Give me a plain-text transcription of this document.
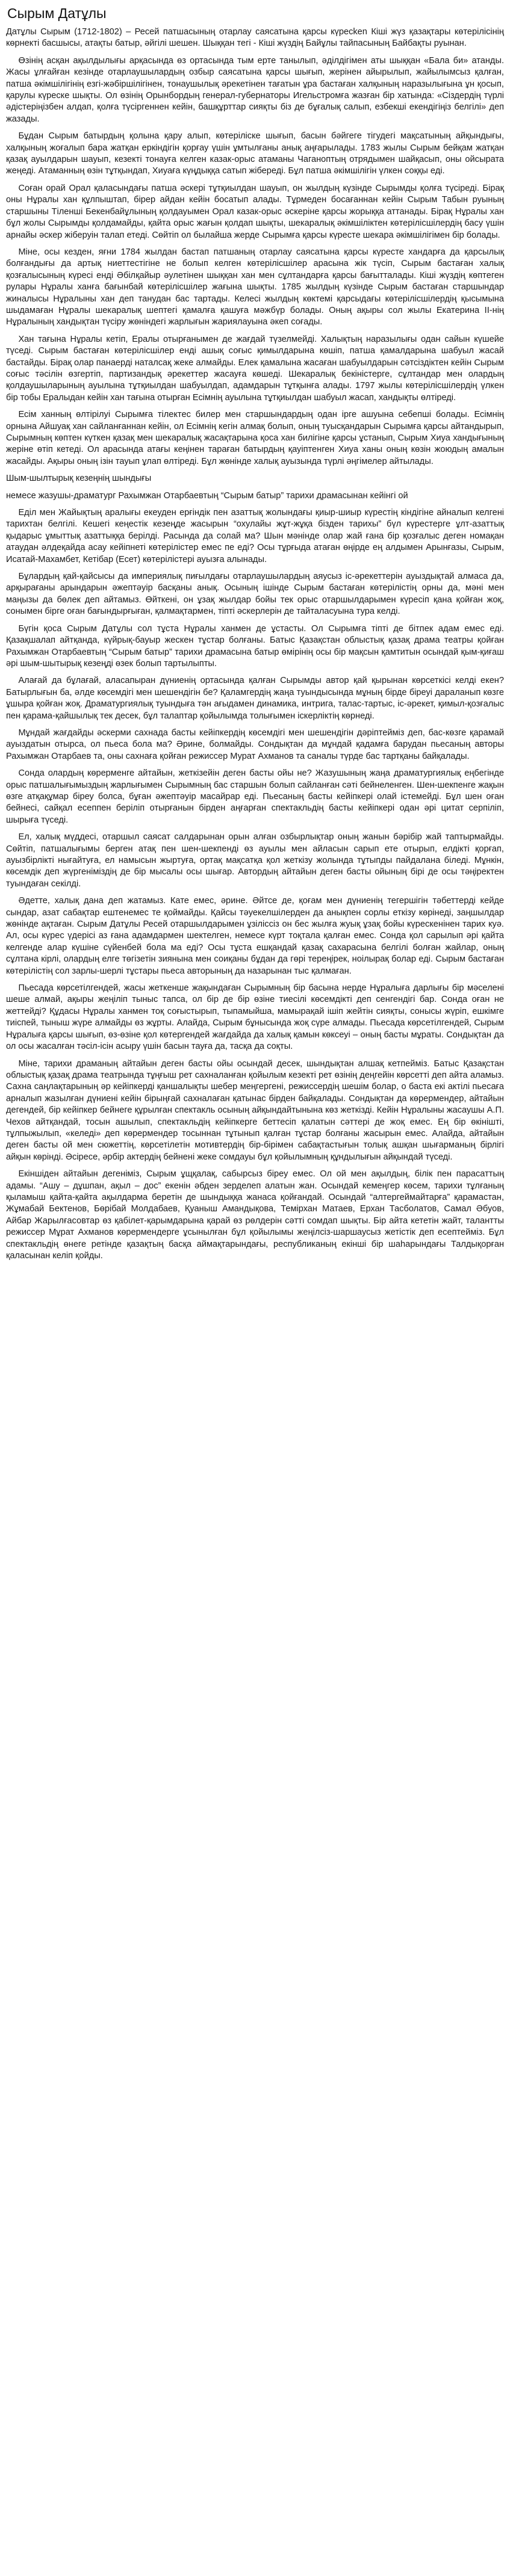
Сырым Датұлы

Датұлы Сырым (1712-1802) – Ресей патшасының отарлау саясатына қарсы күресken Кіші жүз қазақтары көтерілісінің көрнекті басшысы, атақты батыр, әйгілі шешен. Шыққан тегі - Кіші жүздің Байұлы тайпасының Байбақты руынан.

Өзінің асқан ақылдылығы арқасында өз ортасында тым ерте танылып, әділдігімен аты шыққан «Бала би» атанды. Жасы ұлғайған кезінде отарлаушылардың озбыр саясатына қарсы шығып, жерінен айырылып, жайылымсыз қалған, патша әкімшілігінің езгі-жәбіршілігінен, тонаушылық әрекетінен тағатын ұра бастаған халқының наразылығына ұн қосып, қарулы күреске шықты. Ол өзінің Орынбордың генерал-губернаторы Игельстромға жазған бір хатында: «Сіздердің түрлі әдістеріңізбен алдап, қолға түсіргеннен кейін, башқұрттар сияқты біз де бұғалық салып, езбекші екендігіңіз белгілі» деп жазады.

Бұдан Сырым батырдың қолына қару алып, көтеріліске шығып, басын бәйгеге тігудегі мақсатының айқындығы, халқының жоғалып бара жатқан еркіндігін қорғау үшін ұмтылғаны анық аңғарылады. 1783 жылы Сырым бейқам жатқан қазақ ауылдарын шауып, кезекті тонауға келген казак-орыс атаманы Чаганоптың отрядымен шайқасып, оны ойсырата жеңеді. Атаманның өзін тұтқындап, Хиуаға күңдыққа сатып жібереді. Бұл патша әкімшілігін үлкен соққы еді.

Соған орай Орал қаласындағы патша әскері тұтқиылдан шауып, он жылдың күзінде Сырымды қолға түсіреді. Бірақ оны Нұралы хан құлпыштап, бірер айдан кейін босатып алады. Тұрмеден босағаннан кейін Сырым Табын руының старшыны Тіленші Бекенбайұлының қолдауымен Орал казак-орыс әскеріне қарсы жорыққа аттанады. Бірақ Нұралы хан бұл жолы Сырымды қолдамайды, қайта орыс жағын қолдап шықты, шекаралық әкімшіліктен көтерілісшілердің басу үшін арнайы әскер жіберуін талап етеді. Сөйтіп ол былайша жерде Сырымға қарсы күресте шекара әкімшілігімен бір болады.

Міне, осы кезден, яғни 1784 жылдан бастап патшаның отарлау саясатына қарсы күресте хандарға да қарсылық болғандығы да артық ниеттестігіне не болып келген көтерілісшілер арасына жік түсіп, Сырым бастаған халық қозғалысының күресі енді Әбілқайыр әулетінен шыққан хан мен сұлтандарға қарсы бағытталады. Кіші жүздің көптеген рулары Нұралы ханға бағынбай көтерілісшілер жағына шықты. 1785 жылдың күзінде Сырым бастаған старшындар жиналысы Нұралыны хан деп танудан бас тартады. Келесі жылдың көктемі қарсыдағы көтерілісшілердің қысымына шыдамаған Нұралы шекаралық шептегі қамалға қашуға мәжбүр болады. Оның ақыры сол жылы Екатерина ІІ-нің Нұралының хандықтан түсіру жөніндегі жарлығын жариялауына әкеп соғады.

Хан тағына Нұралы кетіп, Ералы отырғанымен де жағдай түзелмейді. Халықтың наразылығы одан сайын күшейе түседі. Сырым бастаған көтерілісшілер енді ашық соғыс қимылдарына көшіп, патша қамалдарына шабуыл жасай бастайды. Бірақ олар панаерді наталсақ жеке алмайды. Елек қамалына жасаған шабуылдарын сәтсіздіктен кейін Сырым соғыс тәсілін өзгертіп, партизандық әрекеттер жасауға көшеді. Шекаралық бекіністерге, сұлтандар мен олардың қолдаушыларының ауылына тұтқиылдан шабуылдап, адамдарын тұтқынға алады. 1797 жылы көтерілісшілердің үлкен бір тобы Ералыдан кейін хан тағына отырған Есімнің ауылына тұтқиылдан шабуыл жасап, хандықты өлтіреді.

Есім ханның өлтірілуі Сырымға тілектес билер мен старшындардың одан ірге ашуына себепші болады. Есімнің орнына Айшуақ хан сайланғаннан кейін, ол Есімнің кегін алмақ болып, оның туысқандарын Сырымға қарсы айтандырып, Сырымның көптен күткен қазақ мен шекаралық жасақтарына қоса хан билігіне қарсы ұстанып, Сырым Хиуа хандығының жеріне өтіп кетеді. Ол арасында атағы кеңінен тараған батырдың қауіптенген Хиуа ханы оның көзін жоюдың амалын жасайды. Ақыры оның ізін тауып ұлап өлтіреді. Бұл жөнінде халық ауызында түрлі әңгімелер айтылады.

Шым-шылтырық кезеңнің шындығы

немесе жазушы-драматург Рахымжан Отарбаевтың “Сырым батыр” тарихи драмасынан кейінгі ой

Еділ мен Жайықтың аралығы екеуден ерғіндік пен азаттық жолындағы қиыр-шиыр күрестің кіндігіне айналып келгені тарихтан белгілі. Кешегі кеңестік кезеңде жасырын “охулайы жұт-жұқа бізден тарихы” бүл күрестерге ұлт-азаттық қыдарыс ұмыттық азаттыққа берілді. Расында да солай ма? Шын мәнінде олар жай ғана бір қозғалыс деген номақан атаудан әлдеқайда асау кейіпнеті көтерілістер емес пе еді? Осы тұрғыда атаған өңірде ең алдымен Арынғазы, Сырым, Исатай-Махамбет, Кетібар (Есет) көтерілістері ауызға алынады.

Бұлардың қай-қайсысы да империялық пиғылдағы отарлаушылардың аяусыз іс-әрекеттерін ауыздықтай алмаса да, арқырағаны арындарын әжептәуір басқаны анық. Осының ішінде Сырым бастаған көтерілістің орны да, мәні мен маңызы да бөлек деп айтамыз. Өйткені, он ұзақ жылдар бойы тек орыс отаршылдарымен күресіп қана қойған жоқ, сонымен бірге оған бағындырғыған, қалмақтармен, тіпті әскерлерін де тайталасуына тура келді.

Бүгін қоса Сырым Датұлы сол тұста Нұралы ханмен де ұстасты. Ол Сырымға тіпті де бітпек адам емес еді. Қазақшалап айтқанда, күйрық-бауыр жескен тұстар болғаны. Батыс Қазақстан облыстық қазақ драма театры қойған Рахымжан Отарбаевтың “Сырым батыр” тарихи драмасына батыр өмірінің осы бір мақсын қамтитын осындай қым-қиғаш әрі шым-шытырық кезеңді өзек болып тартылыпты.

Алағай да бұлағай, аласапыран дүниенің ортасында қалған Сырымды автор қай қырынан көрсеткісі келді екен? Батырлығын ба, әлде көсемдігі мен шешендігін бе? Қаламгердің жаңа туындысында мұның бірде біреуі дараланып көзге ұшыра қойған жоқ. Драматургиялық туындыға тән ағыдамен динамика, интрига, талас-тартыс, іс-әрекет, қимыл-қозғалыс пен қарама-қайшылық тек десек, бұл талаптар қойылымда толығымен іскерліктің көрнеді.

Мұндай жағдайды әскерми сахнада басты кейіпкердің көсемдігі мен шешендігін дәріптейміз деп, бас-көзге қарамай ауыздатын отырса, ол пьеса бола ма? Әрине, болмайды. Сондықтан да мұндай қадамға барудан пьесаның авторы Рахымжан Отарбаев та, оны сахнаға қойған режиссер Мурат Ахманов та саналы түрде бас тартқаны байқалады.

Сонда олардың көрерменге айтайын, жеткізейін деген басты ойы не? Жазушының жаңа драматургиялық еңбегінде орыс патшалығымыздың жарлығымен Сырымның бас старшын болып сайланған сәті бейнеленген. Шен-шекпенге жақын өзге атқақұмар біреу болса, бұған әжептәуір масайрар еді. Пьесаның басты кейіпкері олай істемейді. Бұл шен оған бейнесі, сайқал есеппен беріліп отырғанын бірден аңғарған спектакльдің басты кейіпкері одан әрі цитат серпіліп, шырыға түседі.

Ел, халық мүддесі, отаршыл саясат салдарынан орын алған озбырлықтар оның жанын бәрібір жай таптырмайды. Сөйтіп, патшалығымы берген атақ пен шен-шекпенді өз ауылы мен айласын сарып ете отырып, елдікті қорғап, ауызбірлікті нығайтуға, ел намысын жыртуға, ортақ мақсатқа қол жеткізу жолында тұтыпды пайдалана біледі. Мұнкін, көсемдік деп жүргеніміздің де бір мысалы осы шығар. Автордың айтайын деген басты ойының бірі де осы тәңіректен туындаған секілді.

Әдетте, халық дана деп жатамыз. Кате емес, әрине. Әйтсе де, қоғам мен дүниенің тегершігін тәбеттерді кейде сындар, азат сабақтар ештенемес те қоймайды. Қайсы тәуекелшілерден да анықпен сорлы еткізу көрінеді, заңшылдар жөнінде ақтаған. Сырым Датұлы Ресей отаршылдарымен ұзіліссіз он бес жылға жуық ұзақ бойы күрескенінен тарих куә. Ал, осы күрес үдерісі аз ғана адамдармен шектелген, немесе күрт тоқтала қалған емес. Сонда қол сарылып әрі қайта келгенде алар күшіне сүйенбей бола ма еді? Осы тұста ешқандай қазақ сахарасына белгілі болған жайлар, оның сұлтана кірлі, олардың елге төгізетін зиянына мен соиқаны бұдан да гөрі тереңірек, ноілырақ болар еді. Сырым бастаған көтерілістің сол зарлы-шерлі тұстары пьеса авторының да назарынан тыс қалмаған.

Пьесада көрсетілгендей, жасы жеткенше жақындаған Сырымның бір басына нерде Нұралыға дарлығы бір мәселені шеше алмай, ақыры жеңіліп тыныс тапса, ол бір де бір өзіне тиесілі көсемдікті деп сенгендігі бар. Сонда оған не жеттейді? Құдасы Нұралы ханмен тоқ соғыстырып, тыпамыйша, мамырақай ішіп жейтін сияқты, сонысы жүріп, ешкімге тиіспей, тыныш жүре алмайды өз жұрты. Алайда, Сырым бұнысында жоқ сүре алмады. Пьесада көрсетілгендей, Сырым Нұралыға қарсы шығып, өз-өзіне қол көтергендей жағдайда да халық қамын көксеуі – оның басты мұраты. Сондықтан да ол осы жасалған тәсіл-ісін асыру үшін басын тауға да, тасқа да соқты.

Міне, тарихи драманың айтайын деген басты ойы осындай десек, шындықтан алшақ кетпейміз. Батыс Қазақстан облыстық қазақ драма театрында тұңғыш рет сахналанған қойылым кезекті рет өзінің деңгейін көрсетті деп айта аламыз. Сахна саңлақтарының әр кейіпкерді қаншалықты шебер меңгергені, режиссердің шешім болар, о баста екі актілі пьесаға арналып жазылған дүниені кейін бірыңғай сахналаған қатынас бірден байқалады. Сондықтан да көрермендер, айтайын дегендей, бір кейіпкер бейнеге құрылған спектакль осының айқындайтынына көз жеткізді. Кейін Нұралыны жасаушы А.П. Чехов айтқандай, тосын ашылып, спектакльдің кейіпкерге беттесіп қалатын сәттері де жоқ емес. Ең бір өкінішті, тұлпыжылып, «келеді» деп көрермендер тосыннан тұтынып қалған тұстар болғаны жасырын емес. Алайда, айтайын деген басты ой мен сюжеттің, көрсетілетін мотивтердің бір-бірімен сабақтастығын толық ашқан шығарманың бірлігі айқын көрінді. Әсіресе, әрбір актердің бейнені жеке сомдауы бұл қойылымның құндылығын айқындай түседі.

Екіншіден айтайын дегеніміз, Сырым ұщқалақ, сабырсыз біреу емес. Ол ой мен ақылдың, білік пен парасаттың адамы. “Ашу – дұшпан, ақыл – дос” екенін әбден зерделеп алатын жан. Осындай кемеңгер көсем, тарихи тұлғаның қыламыш қайта-қайта ақылдарма беретін де шындыққа жанаса қойғандай. Осындай “алтергеймайтарға” қарамастан, Жұмабай Бектенов, Бөрібай Молдабаев, Қуаныш Амандықова, Темірхан Матаев, Ерхан Тасболатов, Самал Әбуов, Айбар Жарылғасовтар өз қабілет-қарымдарына қарай өз рөлдерін сәтті сомдап шықты. Бір айта кететін жайт, талантты режиссер Мұрат Ахманов көрермендерге ұсынылған бұл қойылымы жеңілсіз-шаршаусыз жетістік деп есептейміз. Бұл спектакльдің өнеге ретінде қазақтың басқа аймақтарындағы, республиканың екінші бір шаһарындағы Талдықорған қаласынан келіп қойды.
